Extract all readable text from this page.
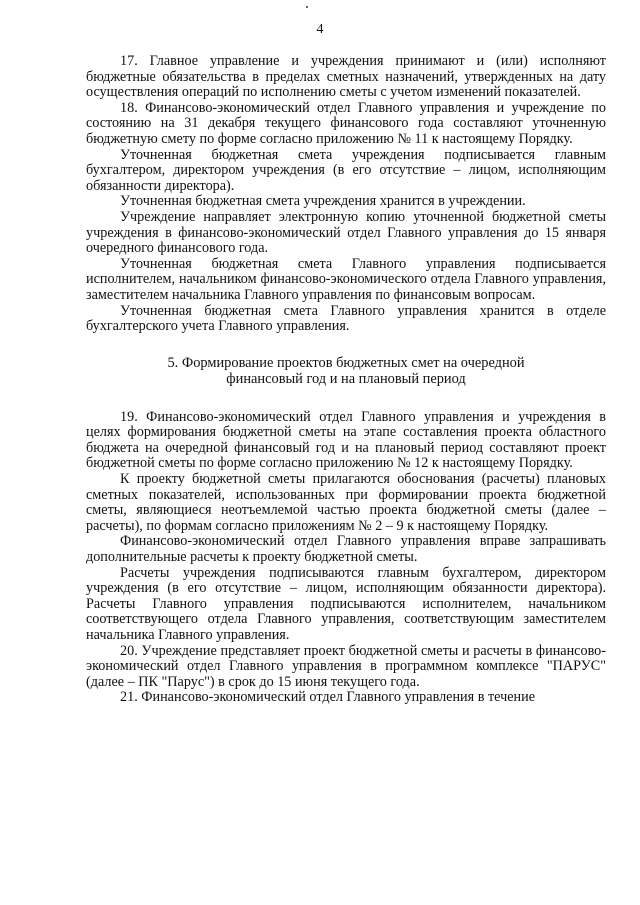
4

17. Главное управление и учреждения принимают и (или) исполняют бюджетные обязательства в пределах сметных назначений, утвержденных на дату осуществления операций по исполнению сметы с учетом изменений показателей.

18. Финансово-экономический отдел Главного управления и учреждение по состоянию на 31 декабря текущего финансового года составляют уточненную бюджетную смету по форме согласно приложению № 11 к настоящему Порядку.

Уточненная бюджетная смета учреждения подписывается главным бухгалтером, директором учреждения (в его отсутствие – лицом, исполняющим обязанности директора).

Уточненная бюджетная смета учреждения хранится в учреждении.

Учреждение направляет электронную копию уточненной бюджетной сметы учреждения в финансово-экономический отдел Главного управления до 15 января очередного финансового года.

Уточненная бюджетная смета Главного управления подписывается исполнителем, начальником финансово-экономического отдела Главного управления, заместителем начальника Главного управления по финансовым вопросам.

Уточненная бюджетная смета Главного управления хранится в отделе бухгалтерского учета Главного управления.

5. Формирование проектов бюджетных смет на очередной
финансовый год и на плановый период

19. Финансово-экономический отдел Главного управления и учреждения в целях формирования бюджетной сметы на этапе составления проекта областного бюджета на очередной финансовый год и на плановый период составляют проект бюджетной сметы по форме согласно приложению № 12 к настоящему Порядку.

К проекту бюджетной сметы прилагаются обоснования (расчеты) плановых сметных показателей, использованных при формировании проекта бюджетной сметы, являющиеся неотъемлемой частью проекта бюджетной сметы (далее – расчеты), по формам согласно приложениям № 2 – 9 к настоящему Порядку.

Финансово-экономический отдел Главного управления вправе запрашивать дополнительные расчеты к проекту бюджетной сметы.

Расчеты учреждения подписываются главным бухгалтером, директором учреждения (в его отсутствие – лицом, исполняющим обязанности директора). Расчеты Главного управления подписываются исполнителем, начальником соответствующего отдела Главного управления, соответствующим заместителем начальника Главного управления.

20. Учреждение представляет проект бюджетной сметы и расчеты в финансово-экономический отдел Главного управления в программном комплексе "ПАРУС" (далее – ПК "Парус") в срок до 15 июня текущего года.

21. Финансово-экономический отдел Главного управления в течение
